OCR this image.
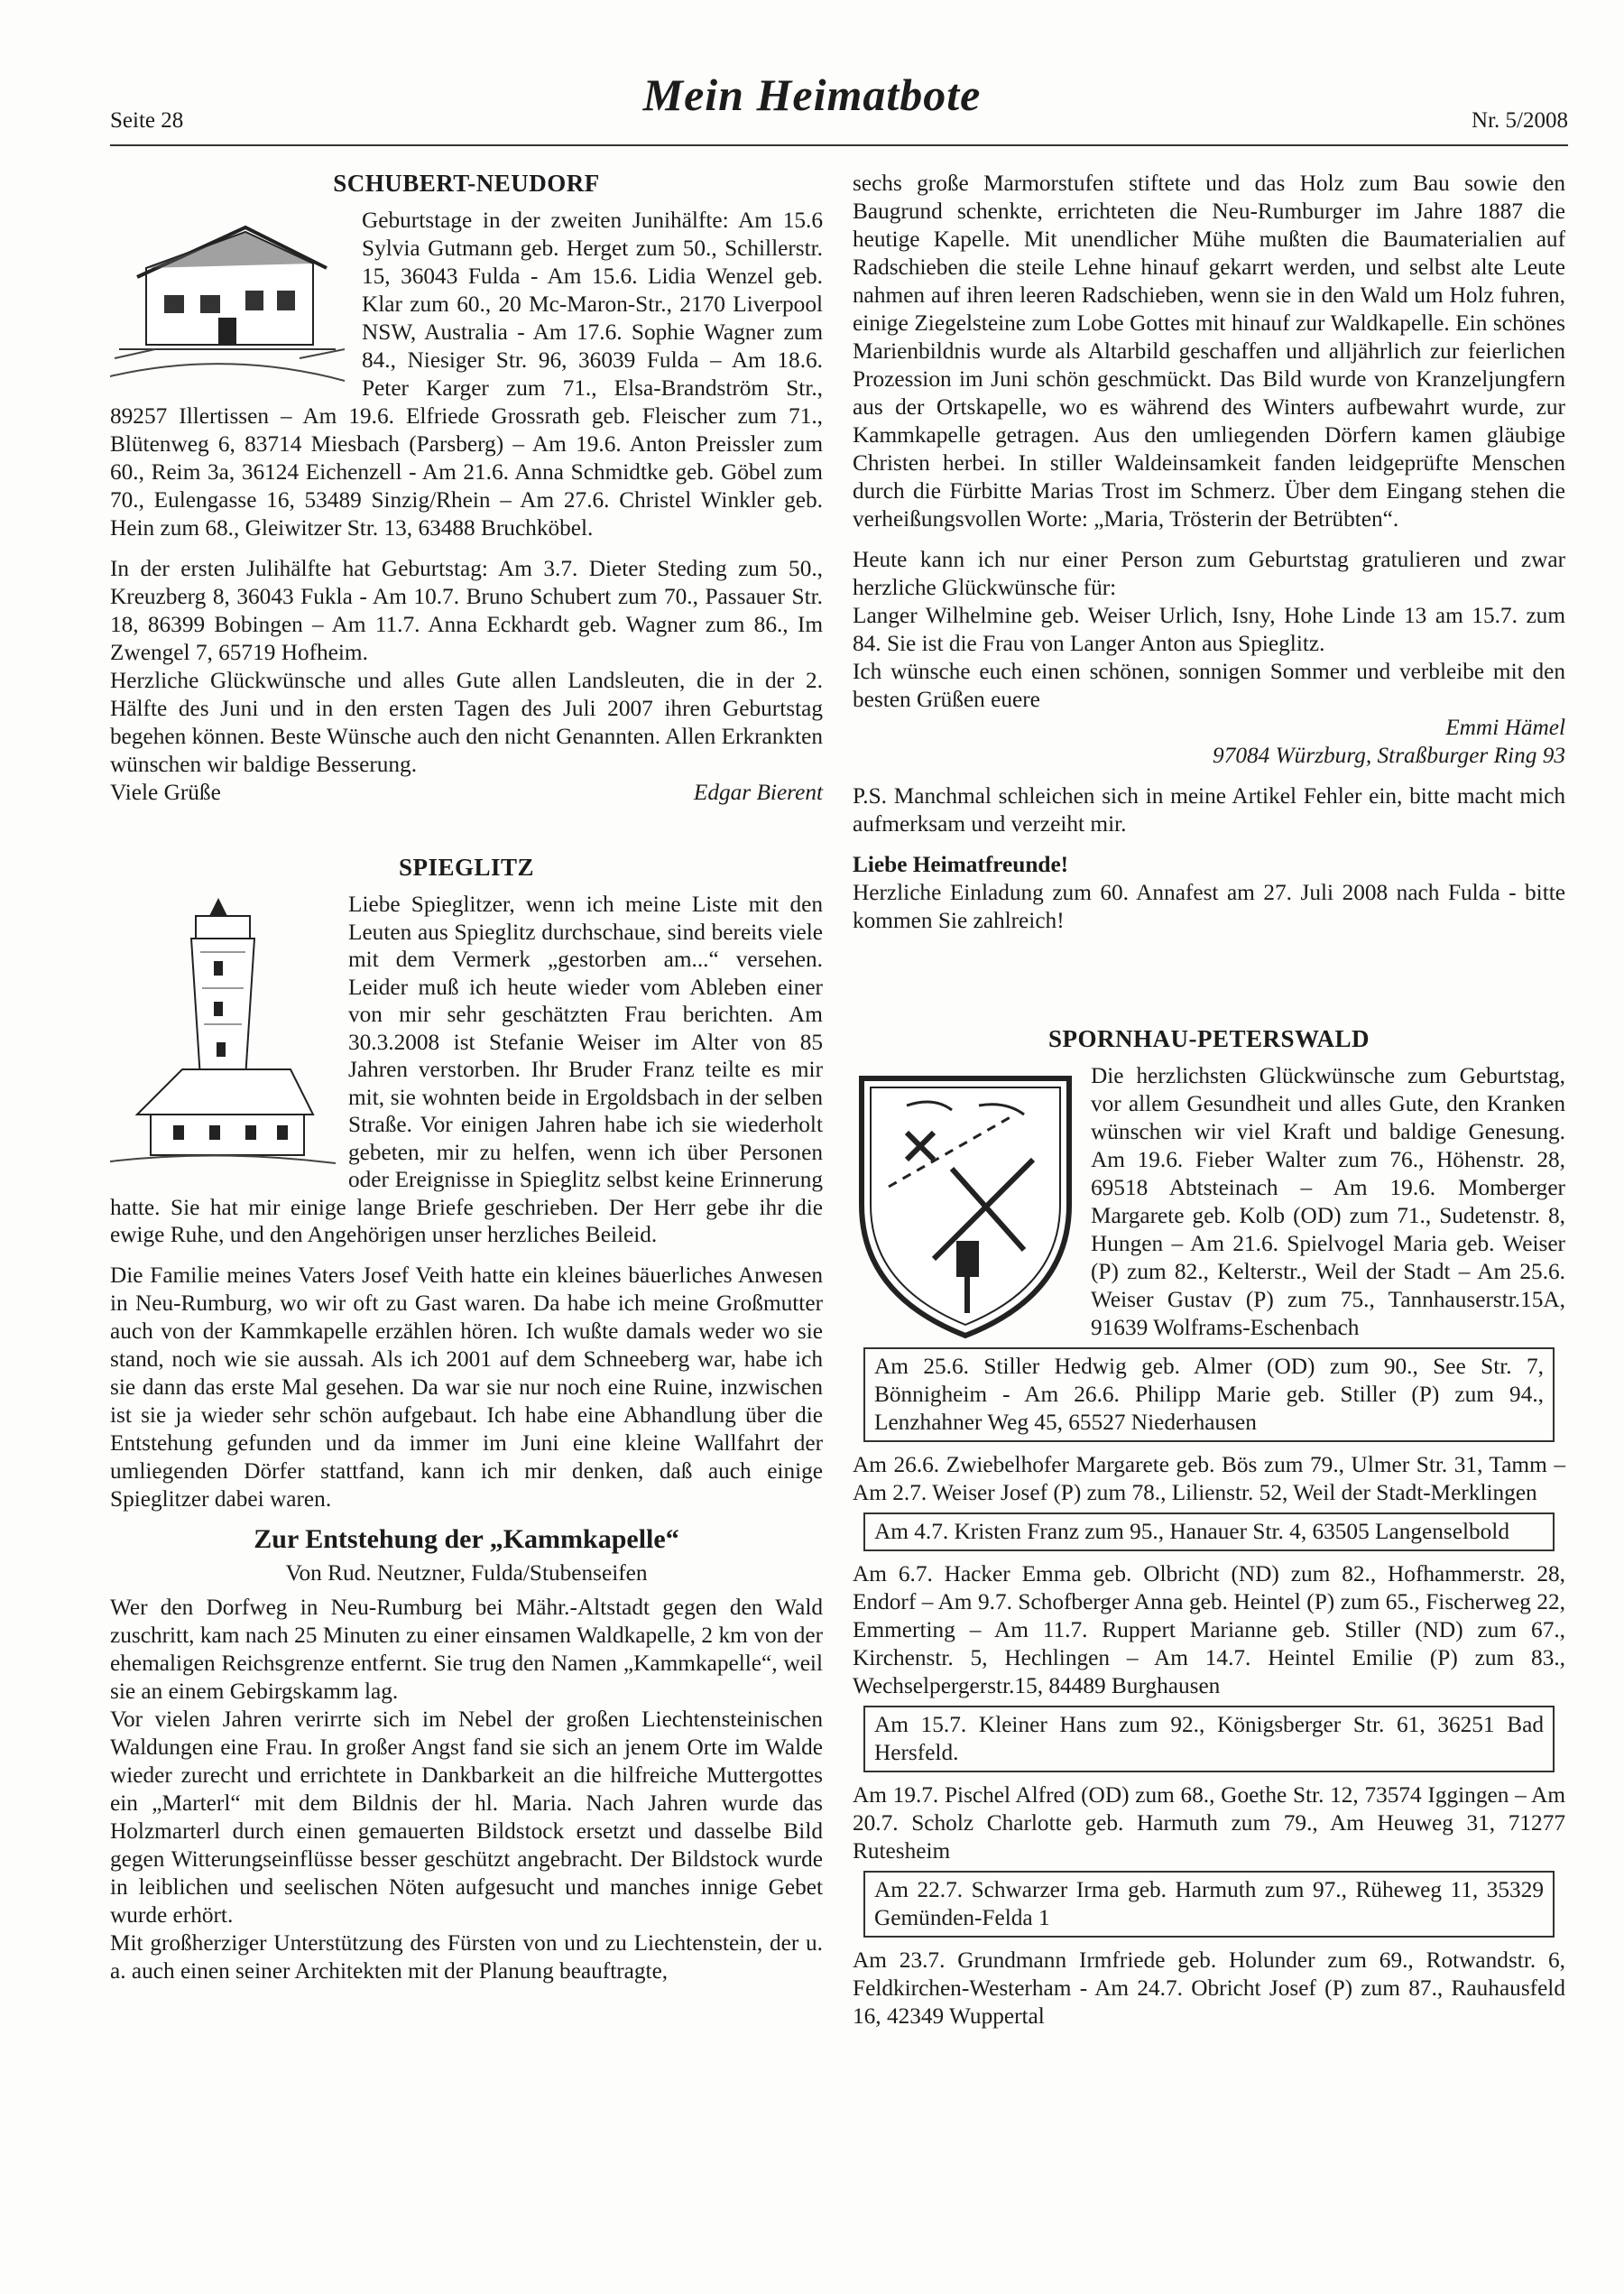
Seite 28
Mein Heimatbote
Nr. 5/2008
SCHUBERT-NEUDORF

Geburtstage in der zweiten Junihälfte: Am 15.6 Sylvia Gutmann geb. Herget zum 50., Schillerstr. 15, 36043 Fulda - Am 15.6. Lidia Wenzel geb. Klar zum 60., 20 Mc-Maron-Str., 2170 Liverpool NSW, Australia - Am 17.6. Sophie Wagner zum 84., Niesiger Str. 96, 36039 Fulda – Am 18.6. Peter Karger zum 71., Elsa-Brandström Str., 89257 Illertissen – Am 19.6. Elfriede Grossrath geb. Fleischer zum 71., Blütenweg 6, 83714 Miesbach (Parsberg) – Am 19.6. Anton Preissler zum 60., Reim 3a, 36124 Eichenzell - Am 21.6. Anna Schmidtke geb. Göbel zum 70., Eulengasse 16, 53489 Sinzig/Rhein – Am 27.6. Christel Winkler geb. Hein zum 68., Gleiwitzer Str. 13, 63488 Bruchköbel.

In der ersten Julihälfte hat Geburtstag: Am 3.7. Dieter Steding zum 50., Kreuzberg 8, 36043 Fukla - Am 10.7. Bruno Schubert zum 70., Passauer Str. 18, 86399 Bobingen – Am 11.7. Anna Eckhardt geb. Wagner zum 86., Im Zwengel 7, 65719 Hofheim.

Herzliche Glückwünsche und alles Gute allen Landsleuten, die in der 2. Hälfte des Juni und in den ersten Tagen des Juli 2007 ihren Geburtstag begehen können. Beste Wünsche auch den nicht Genannten. Allen Erkrankten wünschen wir baldige Besserung.

Viele Grüße	Edgar Bierent
SPIEGLITZ

Liebe Spieglitzer, wenn ich meine Liste mit den Leuten aus Spieglitz durchschaue, sind bereits viele mit dem Vermerk „gestorben am...“ versehen. Leider muß ich heute wieder vom Ableben einer von mir sehr geschätzten Frau berichten. Am 30.3.2008 ist Stefanie Weiser im Alter von 85 Jahren verstorben. Ihr Bruder Franz teilte es mir mit, sie wohnten beide in Ergoldsbach in der selben Straße. Vor einigen Jahren habe ich sie wiederholt gebeten, mir zu helfen, wenn ich über Personen oder Ereignisse in Spieglitz selbst keine Erinnerung hatte. Sie hat mir einige lange Briefe geschrieben. Der Herr gebe ihr die ewige Ruhe, und den Angehörigen unser herzliches Beileid.

Die Familie meines Vaters Josef Veith hatte ein kleines bäuerliches Anwesen in Neu-Rumburg, wo wir oft zu Gast waren. Da habe ich meine Großmutter auch von der Kammkapelle erzählen hören. Ich wußte damals weder wo sie stand, noch wie sie aussah. Als ich 2001 auf dem Schneeberg war, habe ich sie dann das erste Mal gesehen. Da war sie nur noch eine Ruine, inzwischen ist sie ja wieder sehr schön aufgebaut. Ich habe eine Abhandlung über die Entstehung gefunden und da immer im Juni eine kleine Wallfahrt der umliegenden Dörfer stattfand, kann ich mir denken, daß auch einige Spieglitzer dabei waren.

Zur Entstehung der „Kammkapelle“
Von Rud. Neutzner, Fulda/Stubenseifen

Wer den Dorfweg in Neu-Rumburg bei Mähr.-Altstadt gegen den Wald zuschritt, kam nach 25 Minuten zu einer einsamen Waldkapelle, 2 km von der ehemaligen Reichsgrenze entfernt. Sie trug den Namen „Kammkapelle“, weil sie an einem Gebirgskamm lag.

Vor vielen Jahren verirrte sich im Nebel der großen Liechtensteinischen Waldungen eine Frau. In großer Angst fand sie sich an jenem Orte im Walde wieder zurecht und errichtete in Dankbarkeit an die hilfreiche Muttergottes ein „Marterl“ mit dem Bildnis der hl. Maria. Nach Jahren wurde das Holzmarterl durch einen gemauerten Bildstock ersetzt und dasselbe Bild gegen Witterungseinflüsse besser geschützt angebracht. Der Bildstock wurde in leiblichen und seelischen Nöten aufgesucht und manches innige Gebet wurde erhört.

Mit großherziger Unterstützung des Fürsten von und zu Liechtenstein, der u. a. auch einen seiner Architekten mit der Planung beauftragte,

sechs große Marmorstufen stiftete und das Holz zum Bau sowie den Baugrund schenkte, errichteten die Neu-Rumburger im Jahre 1887 die heutige Kapelle. Mit unendlicher Mühe mußten die Baumaterialien auf Radschieben die steile Lehne hinauf gekarrt werden, und selbst alte Leute nahmen auf ihren leeren Radschieben, wenn sie in den Wald um Holz fuhren, einige Ziegelsteine zum Lobe Gottes mit hinauf zur Waldkapelle. Ein schönes Marienbildnis wurde als Altarbild geschaffen und alljährlich zur feierlichen Prozession im Juni schön geschmückt. Das Bild wurde von Kranzeljungfern aus der Ortskapelle, wo es während des Winters aufbewahrt wurde, zur Kammkapelle getragen. Aus den umliegenden Dörfern kamen gläubige Christen herbei. In stiller Waldeinsamkeit fanden leidgeprüfte Menschen durch die Fürbitte Marias Trost im Schmerz. Über dem Eingang stehen die verheißungsvollen Worte: „Maria, Trösterin der Betrübten“.

Heute kann ich nur einer Person zum Geburtstag gratulieren und zwar herzliche Glückwünsche für:

Langer Wilhelmine geb. Weiser Urlich, Isny, Hohe Linde 13 am 15.7. zum 84. Sie ist die Frau von Langer Anton aus Spieglitz.

Ich wünsche euch einen schönen, sonnigen Sommer und verbleibe mit den besten Grüßen euere

Emmi Hämel

97084 Würzburg, Straßburger Ring 93

P.S. Manchmal schleichen sich in meine Artikel Fehler ein, bitte macht mich aufmerksam und verzeiht mir.

Liebe Heimatfreunde!

Herzliche Einladung zum 60. Annafest am 27. Juli 2008 nach Fulda - bitte kommen Sie zahlreich!

SPORNHAU-PETERSWALD

Die herzlichsten Glückwünsche zum Geburtstag, vor allem Gesundheit und alles Gute, den Kranken wünschen wir viel Kraft und baldige Genesung. Am 19.6. Fieber Walter zum 76., Höhenstr. 28, 69518 Abtsteinach – Am 19.6. Momberger Margarete geb. Kolb (OD) zum 71., Sudetenstr. 8, Hungen – Am 21.6. Spielvogel Maria geb. Weiser (P) zum 82., Kelterstr., Weil der Stadt – Am 25.6. Weiser Gustav (P) zum 75., Tannhauserstr.15A, 91639 Wolframs-Eschenbach

Am 25.6. Stiller Hedwig geb. Almer (OD) zum 90., See Str. 7, Bönnigheim - Am 26.6. Philipp Marie geb. Stiller (P) zum 94., Lenzhahner Weg 45, 65527 Niederhausen

Am 26.6. Zwiebelhofer Margarete geb. Bös zum 79., Ulmer Str. 31, Tamm – Am 2.7. Weiser Josef (P) zum 78., Lilienstr. 52, Weil der Stadt-Merklingen

Am 4.7. Kristen Franz zum 95., Hanauer Str. 4, 63505 Langenselbold

Am 6.7. Hacker Emma geb. Olbricht (ND) zum 82., Hofhammerstr. 28, Endorf – Am 9.7. Schofberger Anna geb. Heintel (P) zum 65., Fischerweg 22, Emmerting – Am 11.7. Ruppert Marianne geb. Stiller (ND) zum 67., Kirchenstr. 5, Hechlingen – Am 14.7. Heintel Emilie (P) zum 83., Wechselpergerstr.15, 84489 Burghausen

Am 15.7. Kleiner Hans zum 92., Königsberger Str. 61, 36251 Bad Hersfeld.

Am 19.7. Pischel Alfred (OD) zum 68., Goethe Str. 12, 73574 Iggingen – Am 20.7. Scholz Charlotte geb. Harmuth zum 79., Am Heuweg 31, 71277 Rutesheim

Am 22.7. Schwarzer Irma geb. Harmuth zum 97., Rüheweg 11, 35329 Gemünden-Felda 1

Am 23.7. Grundmann Irmfriede geb. Holunder zum 69., Rotwandstr. 6, Feldkirchen-Westerham - Am 24.7. Obricht Josef (P) zum 87., Rauhausfeld 16, 42349 Wuppertal
